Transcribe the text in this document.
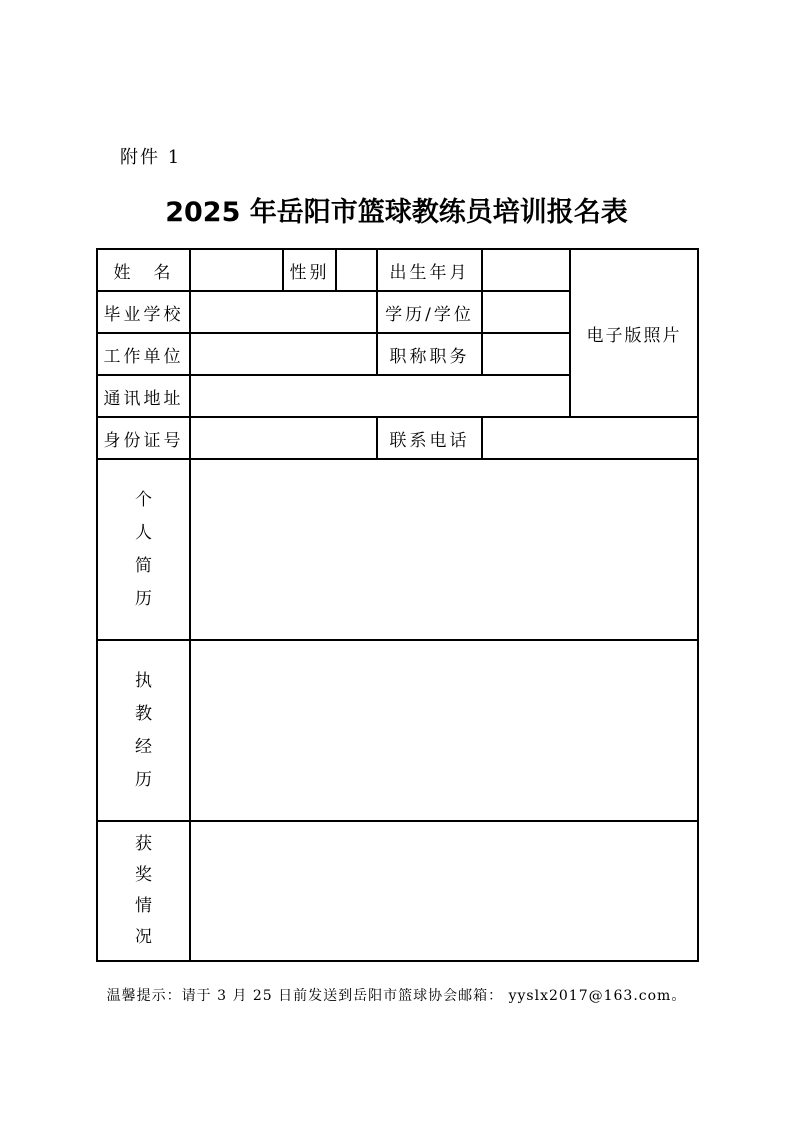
附件 1
2025 年岳阳市篮球教练员培训报名表
姓　名		性别		出生年月		电子版照片
毕业学校				学历/学位		

工作单位				职称职务		

通讯地址						

身份证号				联系电话		

个人简历						

执教经历						

获奖情况						
温馨提示：请于 3 月 25 日前发送到岳阳市篮球协会邮箱： yyslx2017@163.com。
